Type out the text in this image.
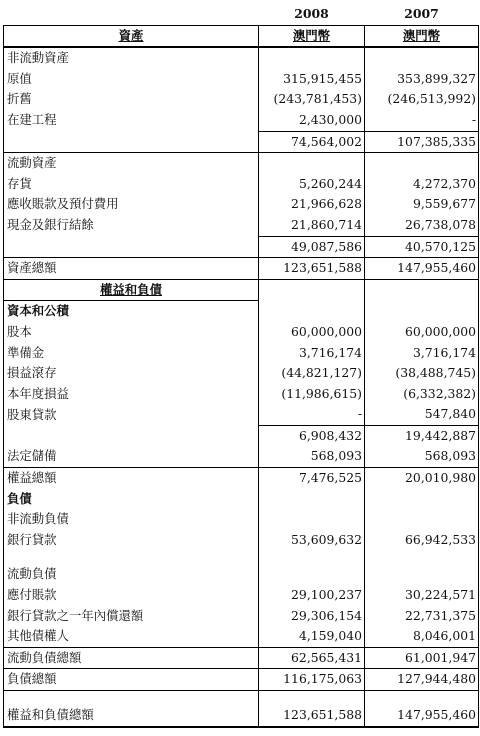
	2008	2007
資產	澳門幣	澳門幣
非流動資產		
原值	315,915,455	353,899,327
折舊	(243,781,453)	(246,513,992)
在建工程	2,430,000	-
	74,564,002	107,385,335
流動資產		
存貨	5,260,244	4,272,370
應收賬款及預付費用	21,966,628	9,559,677
現金及銀行結餘	21,860,714	26,738,078
	49,087,586	40,570,125
資產總額	123,651,588	147,955,460
權益和負債		
資本和公積		
股本	60,000,000	60,000,000
準備金	3,716,174	3,716,174
損益滾存	(44,821,127)	(38,488,745)
本年度損益	(11,986,615)	(6,332,382)
股東貸款	-	547,840
	6,908,432	19,442,887
法定儲備	568,093	568,093
權益總額	7,476,525	20,010,980
負債		
非流動負債		
銀行貸款	53,609,632	66,942,533

流動負債		
應付賬款	29,100,237	30,224,571
銀行貸款之一年內償還額	29,306,154	22,731,375
其他債權人	4,159,040	8,046,001
流動負債總額	62,565,431	61,001,947
負債總額	116,175,063	127,944,480

權益和負債總額	123,651,588	147,955,460
